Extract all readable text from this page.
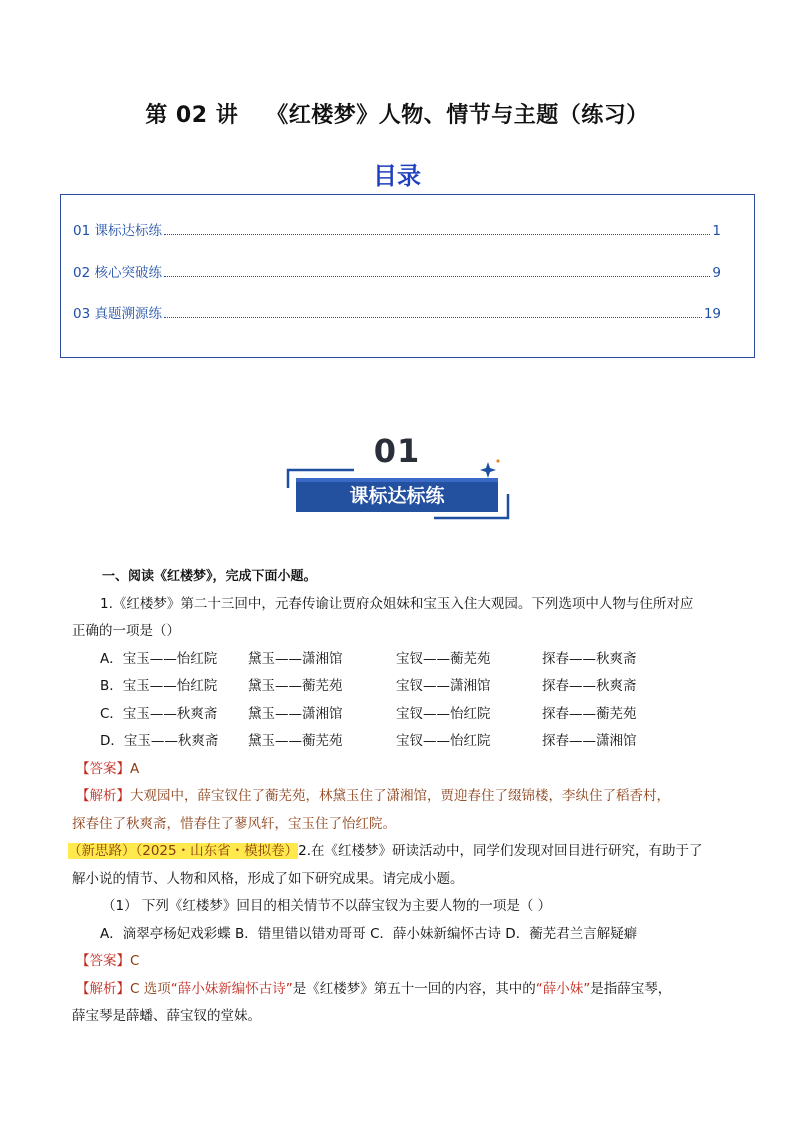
第 02 讲 《红楼梦》人物、情节与主题（练习）
目录
01 课标达标练	1
02 核心突破练	9
03 真题溯源练	19
01
课标达标练
一、阅读《红楼梦》，完成下面小题。
1.《红楼梦》第二十三回中，元春传谕让贾府众姐妹和宝玉入住大观园。下列选项中人物与住所对应
正确的一项是（）
A．宝玉——怡红院	黛玉——潇湘馆	宝钗——蘅芜苑	探春——秋爽斋
B．宝玉——怡红院	黛玉——蘅芜苑	宝钗——潇湘馆	探春——秋爽斋
C．宝玉——秋爽斋	黛玉——潇湘馆	宝钗——怡红院	探春——蘅芜苑
D．宝玉——秋爽斋	黛玉——蘅芜苑	宝钗——怡红院	探春——潇湘馆
【答案】A
【解析】大观园中，薛宝钗住了蘅芜苑，林黛玉住了潇湘馆，贾迎春住了缀锦楼，李纨住了稻香村，
探春住了秋爽斋，惜春住了蓼风轩，宝玉住了怡红院。
（新思路）（2025・山东省・模拟卷）2.在《红楼梦》研读活动中，同学们发现对回目进行研究，有助于了
解小说的情节、人物和风格，形成了如下研究成果。请完成小题。
（1） 下列《红楼梦》回目的相关情节不以薛宝钗为主要人物的一项是（ ）
A．滴翠亭杨妃戏彩蝶 B．错里错以错劝哥哥 C．薛小妹新编怀古诗 D．蘅芜君兰言解疑癖
【答案】C
【解析】C 选项“薛小妹新编怀古诗”是《红楼梦》第五十一回的内容，其中的“薛小妹”是指薛宝琴，
薛宝琴是薛蟠、薛宝钗的堂妹。
